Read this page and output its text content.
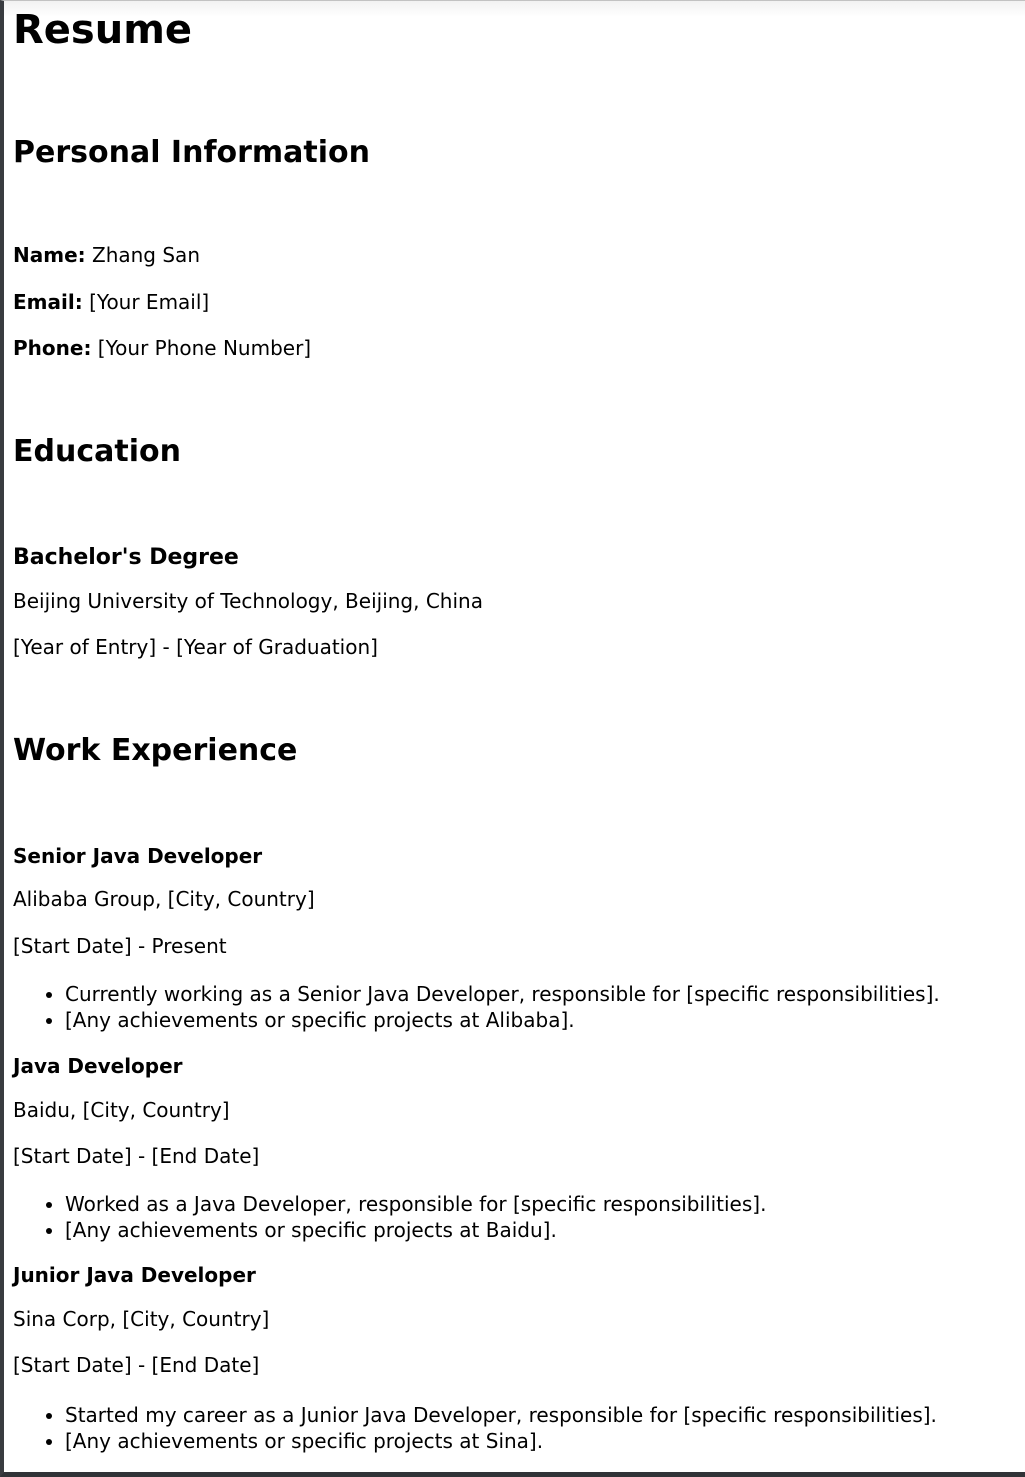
Resume
Personal Information

Name: Zhang San

Email: [Your Email]

Phone: [Your Phone Number]

Education
Bachelor's Degree

Beijing University of Technology, Beijing, China

[Year of Entry] - [Year of Graduation]

Work Experience
Senior Java Developer

Alibaba Group, [City, Country]

[Start Date] - Present

• Currently working as a Senior Java Developer, responsible for [specific responsibilities].
• [Any achievements or specific projects at Alibaba].
Java Developer

Baidu, [City, Country]

[Start Date] - [End Date]

• Worked as a Java Developer, responsible for [specific responsibilities].
• [Any achievements or specific projects at Baidu].
Junior Java Developer

Sina Corp, [City, Country]

[Start Date] - [End Date]

• Started my career as a Junior Java Developer, responsible for [specific responsibilities].
• [Any achievements or specific projects at Sina].
